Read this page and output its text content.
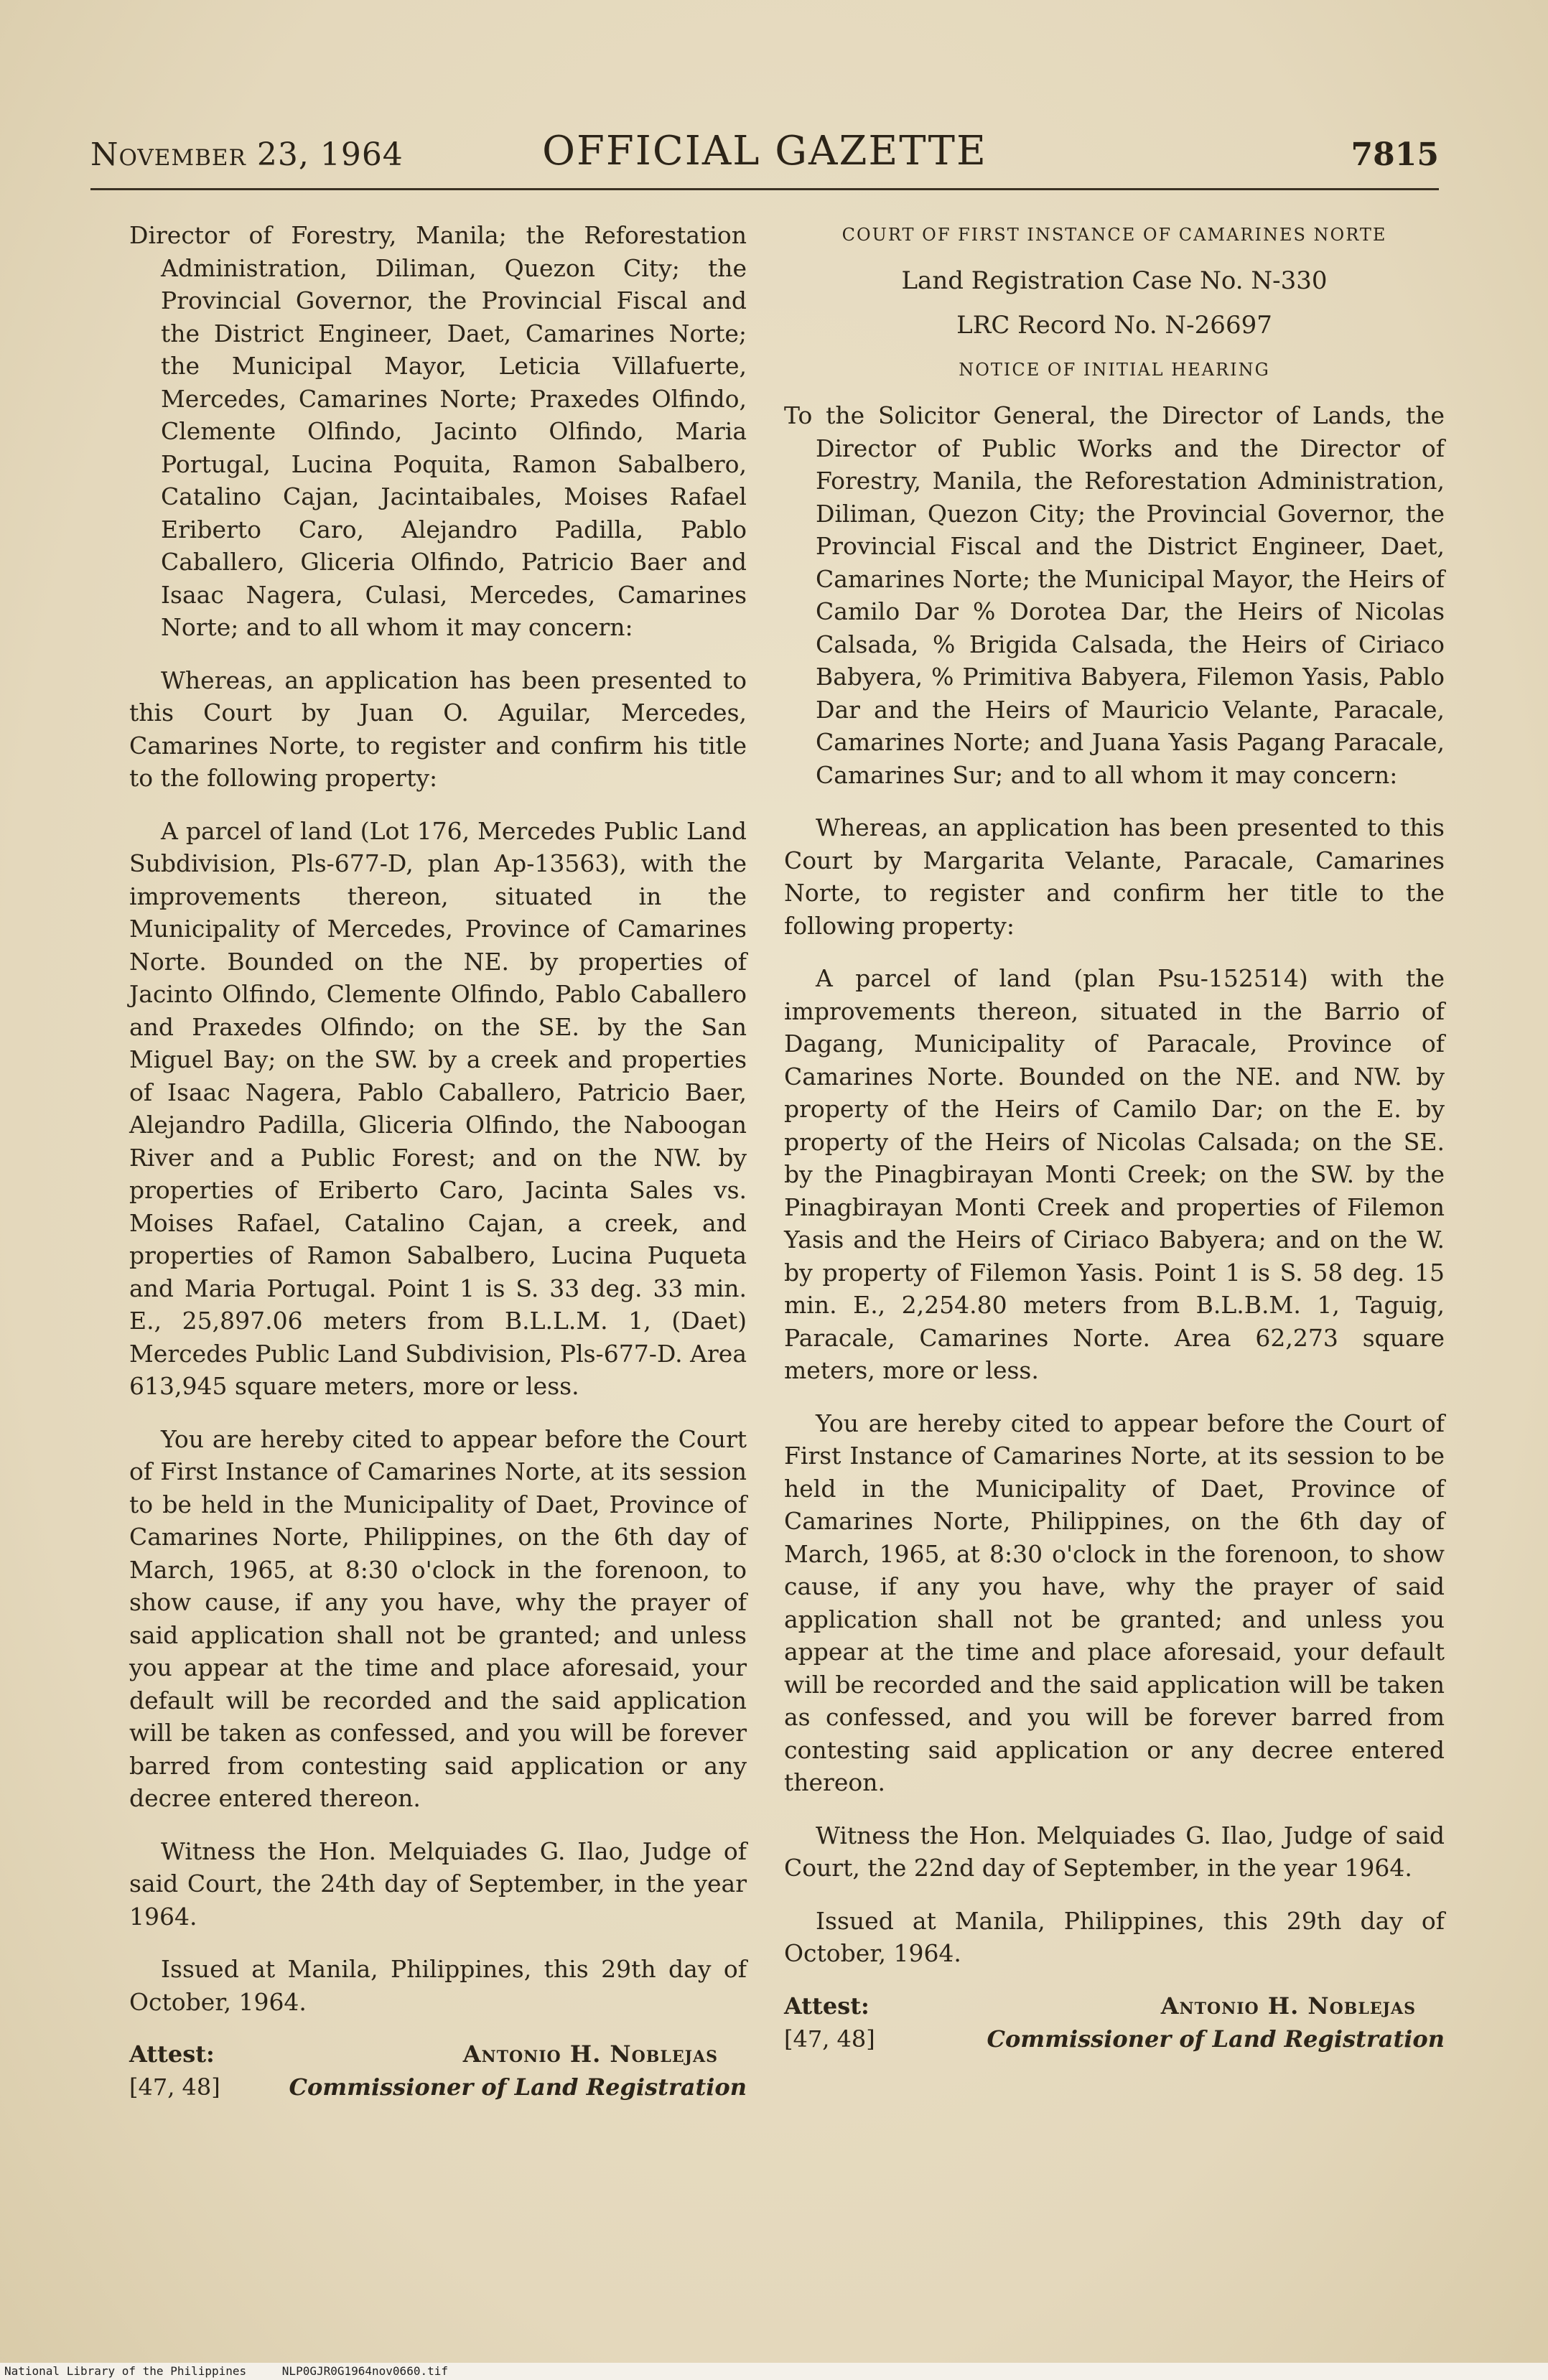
November 23, 1964	OFFICIAL GAZETTE	7815

Director of Forestry, Manila; the Reforestation Administration, Diliman, Quezon City; the Provincial Governor, the Provincial Fiscal and the District Engineer, Daet, Camarines Norte; the Municipal Mayor, Leticia Villafuerte, Mercedes, Camarines Norte; Praxedes Olfindo, Clemente Olfindo, Jacinto Olfindo, Maria Portugal, Lucina Poquita, Ramon Sabalbero, Catalino Cajan, Jacintaibales, Moises Rafael Eriberto Caro, Alejandro Padilla, Pablo Caballero, Gliceria Olfindo, Patricio Baer and Isaac Nagera, Culasi, Mercedes, Camarines Norte; and to all whom it may concern:

Whereas, an application has been presented to this Court by Juan O. Aguilar, Mercedes, Camarines Norte, to register and confirm his title to the following property:

A parcel of land (Lot 176, Mercedes Public Land Subdivision, Pls-677-D, plan Ap-13563), with the improvements thereon, situated in the Municipality of Mercedes, Province of Camarines Norte. Bounded on the NE. by properties of Jacinto Olfindo, Clemente Olfindo, Pablo Caballero and Praxedes Olfindo; on the SE. by the San Miguel Bay; on the SW. by a creek and properties of Isaac Nagera, Pablo Caballero, Patricio Baer, Alejandro Padilla, Gliceria Olfindo, the Naboogan River and a Public Forest; and on the NW. by properties of Eriberto Caro, Jacinta Sales vs. Moises Rafael, Catalino Cajan, a creek, and properties of Ramon Sabalbero, Lucina Puqueta and Maria Portugal. Point 1 is S. 33 deg. 33 min. E., 25,897.06 meters from B.L.L.M. 1, (Daet) Mercedes Public Land Subdivision, Pls-677-D. Area 613,945 square meters, more or less.

You are hereby cited to appear before the Court of First Instance of Camarines Norte, at its session to be held in the Municipality of Daet, Province of Camarines Norte, Philippines, on the 6th day of March, 1965, at 8:30 o'clock in the forenoon, to show cause, if any you have, why the prayer of said application shall not be granted; and unless you appear at the time and place aforesaid, your default will be recorded and the said application will be taken as confessed, and you will be forever barred from contesting said application or any decree entered thereon.

Witness the Hon. Melquiades G. Ilao, Judge of said Court, the 24th day of September, in the year 1964.

Issued at Manila, Philippines, this 29th day of October, 1964.

Attest:	Antonio H. Noblejas
[47, 48]	Commissioner of Land Registration
COURT OF FIRST INSTANCE OF CAMARINES NORTE
Land Registration Case No. N-330
LRC Record No. N-26697
NOTICE OF INITIAL HEARING

To the Solicitor General, the Director of Lands, the Director of Public Works and the Director of Forestry, Manila, the Reforestation Administration, Diliman, Quezon City; the Provincial Governor, the Provincial Fiscal and the District Engineer, Daet, Camarines Norte; the Municipal Mayor, the Heirs of Camilo Dar % Dorotea Dar, the Heirs of Nicolas Calsada, % Brigida Calsada, the Heirs of Ciriaco Babyera, % Primitiva Babyera, Filemon Yasis, Pablo Dar and the Heirs of Mauricio Velante, Paracale, Camarines Norte; and Juana Yasis Pagang Paracale, Camarines Sur; and to all whom it may concern:

Whereas, an application has been presented to this Court by Margarita Velante, Paracale, Camarines Norte, to register and confirm her title to the following property:

A parcel of land (plan Psu-152514) with the improvements thereon, situated in the Barrio of Dagang, Municipality of Paracale, Province of Camarines Norte. Bounded on the NE. and NW. by property of the Heirs of Camilo Dar; on the E. by property of the Heirs of Nicolas Calsada; on the SE. by the Pinagbirayan Monti Creek; on the SW. by the Pinagbirayan Monti Creek and properties of Filemon Yasis and the Heirs of Ciriaco Babyera; and on the W. by property of Filemon Yasis. Point 1 is S. 58 deg. 15 min. E., 2,254.80 meters from B.L.B.M. 1, Taguig, Paracale, Camarines Norte. Area 62,273 square meters, more or less.

You are hereby cited to appear before the Court of First Instance of Camarines Norte, at its session to be held in the Municipality of Daet, Province of Camarines Norte, Philippines, on the 6th day of March, 1965, at 8:30 o'clock in the forenoon, to show cause, if any you have, why the prayer of said application shall not be granted; and unless you appear at the time and place aforesaid, your default will be recorded and the said application will be taken as confessed, and you will be forever barred from contesting said application or any decree entered thereon.

Witness the Hon. Melquiades G. Ilao, Judge of said Court, the 22nd day of September, in the year 1964.

Issued at Manila, Philippines, this 29th day of October, 1964.

Attest:	Antonio H. Noblejas
[47, 48]	Commissioner of Land Registration
National Library of the Philippines	NLP0GJR0G1964nov0660.tif
